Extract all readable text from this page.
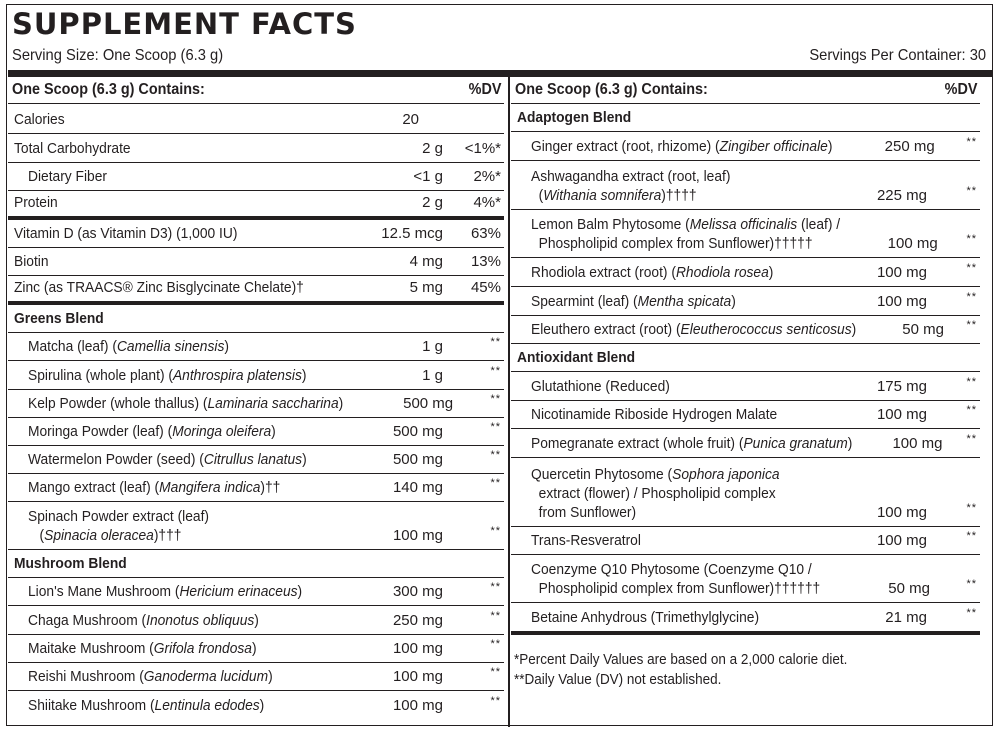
SUPPLEMENT FACTS
Serving Size: One Scoop (6.3 g)	Servings Per Container: 30
One Scoop (6.3 g) Contains:	%DV
Calories	20
Total Carbohydrate	2 g	<1%*
Dietary Fiber	<1 g	2%*
Protein	2 g	4%*
Vitamin D (as Vitamin D3) (1,000 IU)	12.5 mcg	63%
Biotin	4 mg	13%
Zinc (as TRAACS® Zinc Bisglycinate Chelate)†	5 mg	45%
Greens Blend
Matcha (leaf) (Camellia sinensis)	1 g	**
Spirulina (whole plant) (Anthrospira platensis)	1 g	**
Kelp Powder (whole thallus) (Laminaria saccharina)	500 mg	**
Moringa Powder (leaf) (Moringa oleifera)	500 mg	**
Watermelon Powder (seed) (Citrullus lanatus)	500 mg	**
Mango extract (leaf) (Mangifera indica)††	140 mg	**
Spinach Powder extract (leaf)
(Spinacia oleracea)†††	100 mg	**
Mushroom Blend
Lion's Mane Mushroom (Hericium erinaceus)	300 mg	**
Chaga Mushroom (Inonotus obliquus)	250 mg	**
Maitake Mushroom (Grifola frondosa)	100 mg	**
Reishi Mushroom (Ganoderma lucidum)	100 mg	**
Shiitake Mushroom (Lentinula edodes)	100 mg	**
One Scoop (6.3 g) Contains:	%DV
Adaptogen Blend
Ginger extract (root, rhizome) (Zingiber officinale)	250 mg	**
Ashwagandha extract (root, leaf)
(Withania somnifera)††††	225 mg	**
Lemon Balm Phytosome (Melissa officinalis (leaf) /
Phospholipid complex from Sunflower)†††††	100 mg	**
Rhodiola extract (root) (Rhodiola rosea)	100 mg	**
Spearmint (leaf) (Mentha spicata)	100 mg	**
Eleuthero extract (root) (Eleutherococcus senticosus)	50 mg	**
Antioxidant Blend
Glutathione (Reduced)	175 mg	**
Nicotinamide Riboside Hydrogen Malate	100 mg	**
Pomegranate extract (whole fruit) (Punica granatum)	100 mg	**
Quercetin Phytosome (Sophora japonica
extract (flower) / Phospholipid complex
from Sunflower)	100 mg	**
Trans-Resveratrol	100 mg	**
Coenzyme Q10 Phytosome (Coenzyme Q10 /
Phospholipid complex from Sunflower)††††††	50 mg	**
Betaine Anhydrous (Trimethylglycine)	21 mg	**
*Percent Daily Values are based on a 2,000 calorie diet.
**Daily Value (DV) not established.
